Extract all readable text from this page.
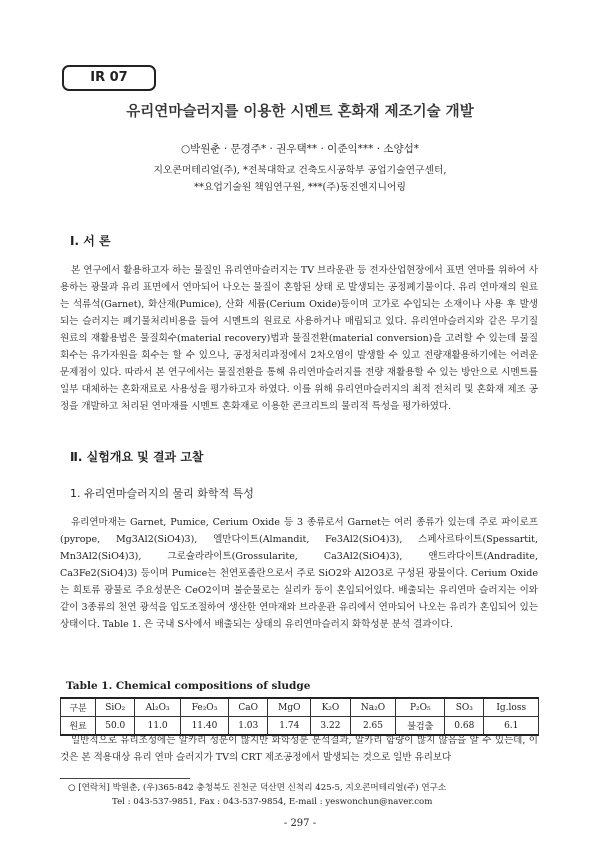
IR 07
유리연마슬러지를 이용한 시멘트 혼화재 제조기술 개발
○박원춘 · 문경주* · 권우택** · 이준익*** · 소양섭*
지오콘머테리얼(주), *전북대학교 건축도시공학부 공업기술연구센터,
**요업기술원 책임연구원, ***(주)동진엔지니어링
Ⅰ. 서 론

본 연구에서 활용하고자 하는 물질인 유리연마슬러지는 TV 브라운관 등 전자산업현장에서 표면 연마를 위하여 사용하는 광물과 유리 표면에서 연마되어 나오는 물질이 혼합된 상태 로 발생되는 공정폐기물이다. 유리 연마재의 원료는 석류석(Garnet), 화산재(Pumice), 산화 세륨(Cerium Oxide)등이며 고가로 수입되는 소재이나 사용 후 발생되는 슬러지는 폐기물처리비용을 들여 시멘트의 원료로 사용하거나 매립되고 있다. 유리연마슬러지와 같은 무기질 원료의 재활용법은 물질회수(material recovery)법과 물질전환(material conversion)을 고려할 수 있는데 물질회수는 유가자원을 회수는 할 수 있으나, 공정처리과정에서 2차오염이 발생할 수 있고 전량재활용하기에는 어려운 문제점이 있다. 따라서 본 연구에서는 물질전환을 통해 유리연마슬러지를 전량 재활용할 수 있는 방안으로 시멘트를 일부 대체하는 혼화재료로 사용성을 평가하고자 하였다. 이를 위해 유리연마슬러지의 최적 전처리 및 혼화재 제조 공정을 개발하고 처리된 연마재를 시멘트 혼화재로 이용한 콘크리트의 물리적 특성을 평가하였다.

Ⅱ. 실험개요 및 결과 고찰
1. 유리연마슬러지의 물리 화학적 특성

유리연마재는 Garnet, Pumice, Cerium Oxide 등 3 종류로서 Garnet는 여러 종류가 있는데 주로 파이로프(pyrope, Mg3Al2(SiO4)3), 엘만다이트(Almandit, Fe3Al2(SiO4)3), 스페사르타이트(Spessartit, Mn3Al2(SiO4)3), 그로슐라라이트(Grossularite, Ca3Al2(SiO4)3), 앤드라다이트(Andradite, Ca3Fe2(SiO4)3) 등이며 Pumice는 천연포졸란으로서 주로 SiO2와 Al2O3로 구성된 광물이다. Cerium Oxide는 희토류 광물로 주요성분은 CeO2이며 불순물로는 실리카 등이 혼입되어있다. 배출되는 유리연마 슬러지는 이와 같이 3종류의 천연 광석을 입도조절하여 생산한 연마재와 브라운관 유리에서 연마되어 나오는 유리가 혼입되어 있는 상태이다. Table 1. 은 국내 S사에서 배출되는 상태의 유리연마슬러지 화학성분 분석 결과이다.

Table 1. Chemical compositions of sludge
구분	SiO₂	Al₂O₃	Fe₂O₃	CaO	MgO	K₂O	Na₂O	P₂O₅	SO₃	Ig.loss
원료	50.0	11.0	11.40	1.03	1.74	3.22	2.65	불검출	0.68	6.1

일반적으로 유리조성에는 알카리 성분이 많지만 화학성분 분석결과, 알카리 함량이 많지 않음을 알 수 있는데, 이것은 본 적용대상 유리 연마 슬러지가 TV의 CRT 제조공정에서 발생되는 것으로 일반 유리보다

○ [연락처] 박원춘, (우)365-842 충청북도 진천군 덕산면 신척리 425-5, 지오콘머테리얼(주) 연구소
Tel : 043-537-9851, Fax : 043-537-9854, E-mail : yeswonchun@naver.com
- 297 -
